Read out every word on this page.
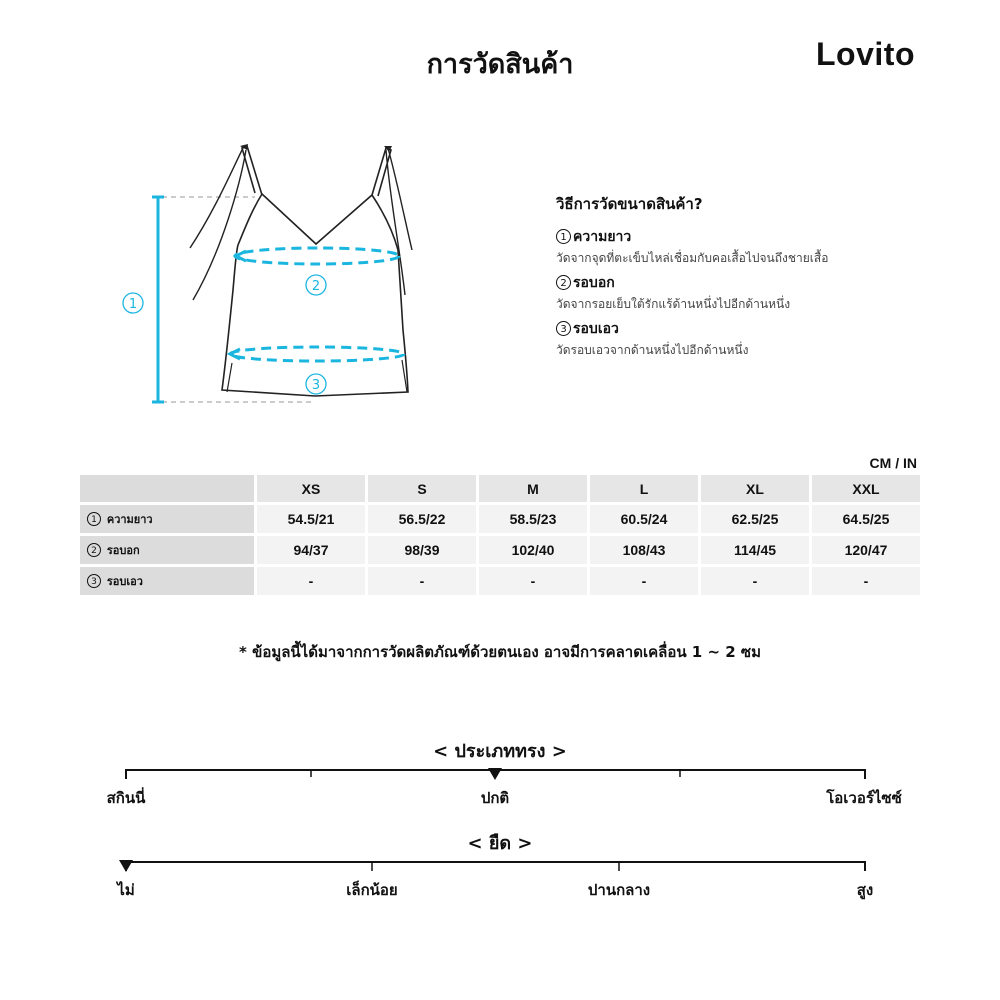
การวัดสินค้า	Lovito
1
2
3
วิธีการวัดขนาดสินค้า?
1 ความยาว
วัดจากจุดที่ตะเข็บไหล่เชื่อมกับคอเสื้อไปจนถึงชายเสื้อ
2 รอบอก
วัดจากรอยเย็บใต้รักแร้ด้านหนึ่งไปอีกด้านหนึ่ง
3 รอบเอว
วัดรอบเอวจากด้านหนึ่งไปอีกด้านหนึ่ง
CM / IN
	XS	S	M	L	XL	XXL
1 ความยาว	54.5/21	56.5/22	58.5/23	60.5/24	62.5/25	64.5/25
2 รอบอก	94/37	98/39	102/40	108/43	114/45	120/47
3 รอบเอว	-	-	-	-	-	-
* ข้อมูลนี้ได้มาจากการวัดผลิตภัณฑ์ด้วยตนเอง อาจมีการคลาดเคลื่อน 1 ~ 2 ซม
< ประเภททรง >
สกินนี่	ปกติ	โอเวอร์ไซซ์
< ยืด >
ไม่	เล็กน้อย	ปานกลาง	สูง
